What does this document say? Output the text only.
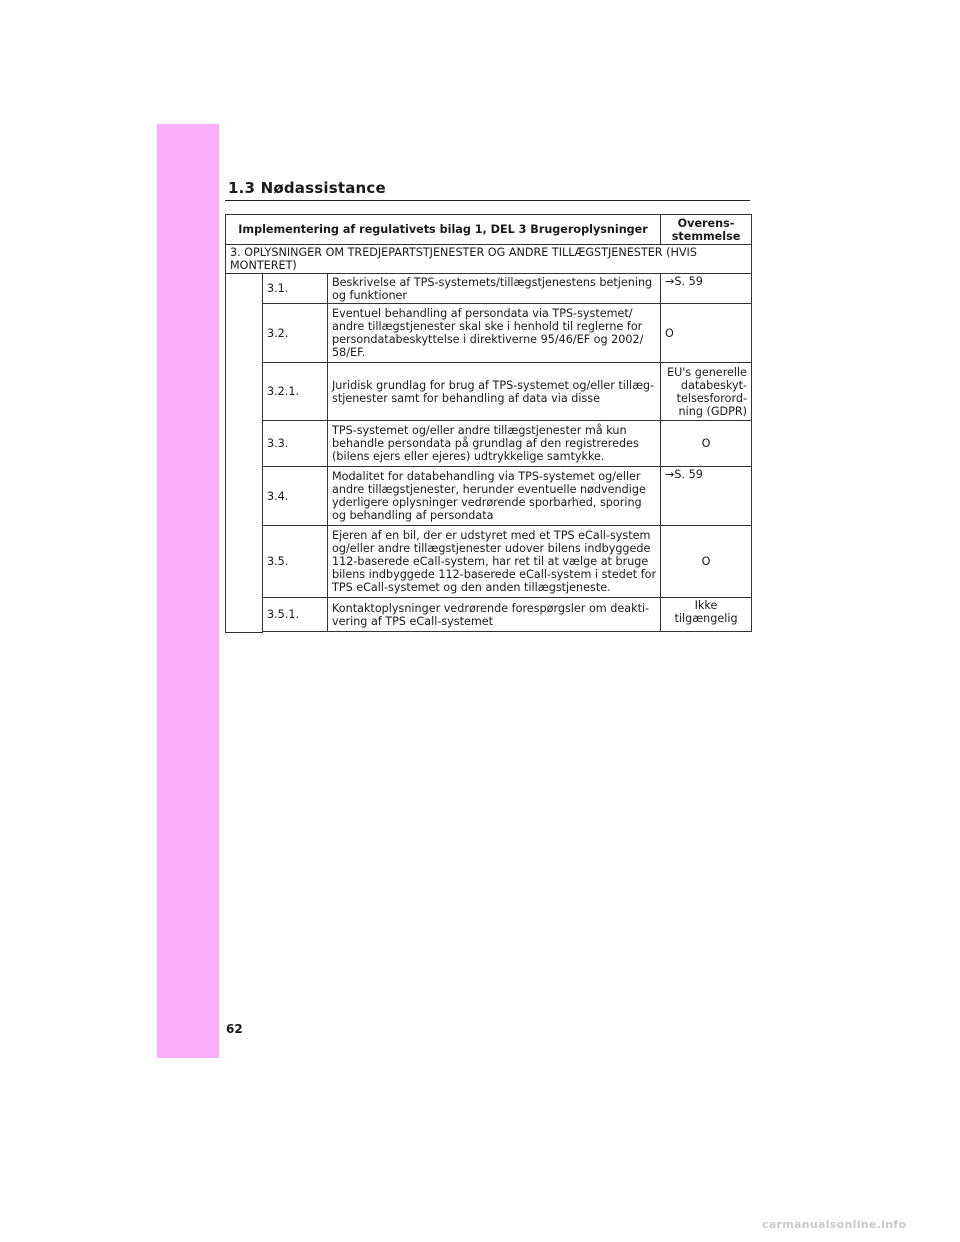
1.3 Nødassistance
Implementering af regulativets bilag 1, DEL 3 Brugeroplysninger			Overens-
stemmelse
3. OPLYSNINGER OM TREDJEPARTSTJENESTER OG ANDRE TILLÆGSTJENESTER (HVIS MONTERET)			
	3.1.	Beskrivelse af TPS-systemets/tillægstjenestens betjening og funktioner	→S. 59
	3.2.	Eventuel behandling af persondata via TPS-systemet/ andre tillægstjenester skal ske i henhold til reglerne for persondatabeskyttelse i direktiverne 95/46/EF og 2002/ 58/EF.	O
	3.2.1.	Juridisk grundlag for brug af TPS-systemet og/eller tillæg- stjenester samt for behandling af data via disse	EU's generelle databeskyt- telsesforord- ning (GDPR)
	3.3.	TPS-systemet og/eller andre tillægstjenester må kun behandle persondata på grundlag af den registreredes (bilens ejers eller ejeres) udtrykkelige samtykke.	O
	3.4.	Modalitet for databehandling via TPS-systemet og/eller andre tillægstjenester, herunder eventuelle nødvendige yderligere oplysninger vedrørende sporbarhed, sporing og behandling af persondata	→S. 59
	3.5.	Ejeren af en bil, der er udstyret med et TPS eCall-system og/eller andre tillægstjenester udover bilens indbyggede 112-baserede eCall-system, har ret til at vælge at bruge bilens indbyggede 112-baserede eCall-system i stedet for TPS eCall-systemet og den anden tillægstjeneste.	O
	3.5.1.	Kontaktoplysninger vedrørende forespørgsler om deakti- vering af TPS eCall-systemet	Ikke tilgængelig

62
carmanualsonline.info
